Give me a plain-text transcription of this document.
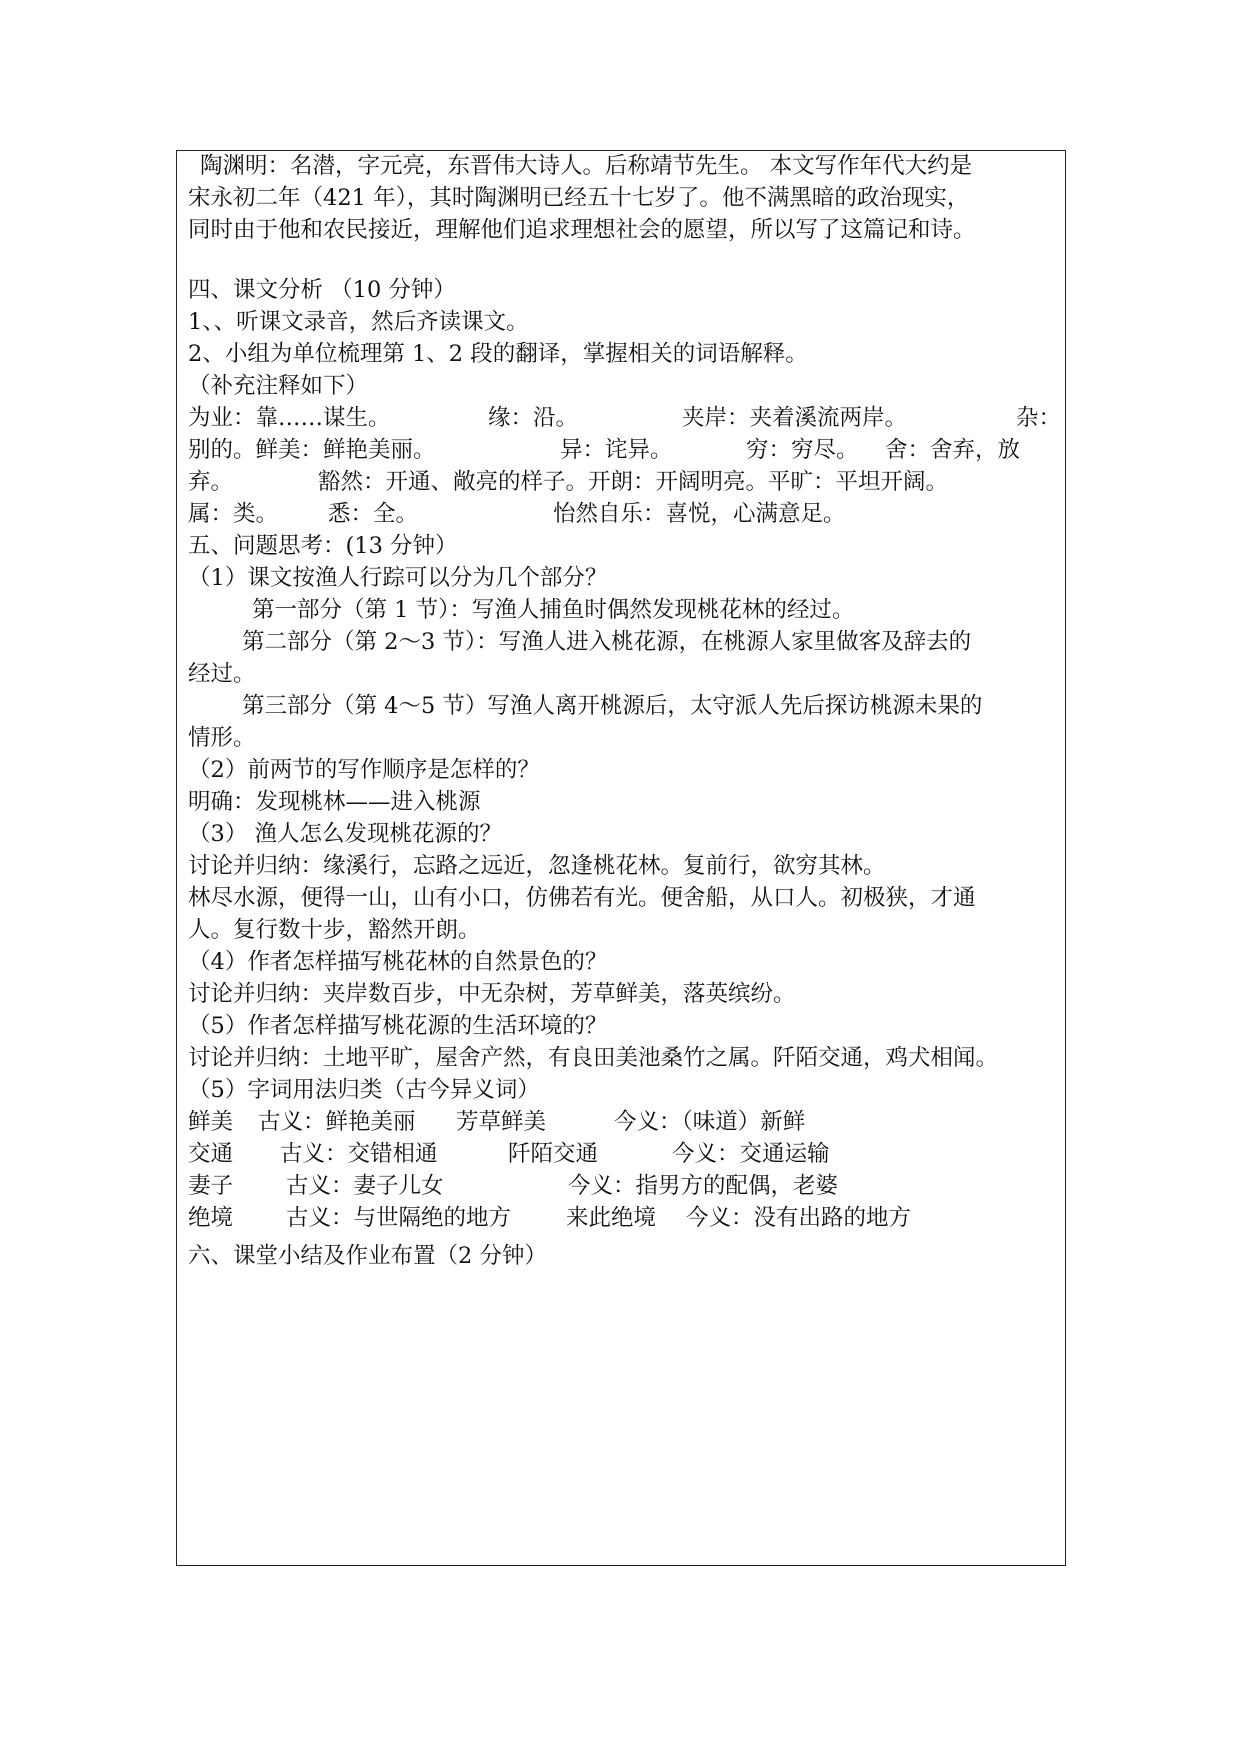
陶渊明：名潜，字元亮，东晋伟大诗人。后称靖节先生。 本文写作年代大约是
宋永初二年（421 年），其时陶渊明已经五十七岁了。他不满黑暗的政治现实，
同时由于他和农民接近，理解他们追求理想社会的愿望，所以写了这篇记和诗。
四、课文分析 （10 分钟）
1、、听课文录音，然后齐读课文。
2、小组为单位梳理第 1、2 段的翻译，掌握相关的词语解释。
（补充注释如下）
为业：靠……谋生。	缘：沿。	夹岸：夹着溪流两岸。	杂：
别的。鲜美：鲜艳美丽。	异：诧异。	穷：穷尽。 舍：舍弃，放
弃。	豁然：开通、敞亮的样子。开朗：开阔明亮。平旷：平坦开阔。
属：类。 悉：全。	怡然自乐：喜悦，心满意足。
五、问题思考：(13 分钟）
（1）课文按渔人行踪可以分为几个部分？
第一部分（第 1 节）：写渔人捕鱼时偶然发现桃花林的经过。
第二部分（第 2～3 节）：写渔人进入桃花源，在桃源人家里做客及辞去的
经过。
第三部分（第 4～5 节）写渔人离开桃源后，太守派人先后探访桃源未果的
情形。
（2）前两节的写作顺序是怎样的？
明确：发现桃林——进入桃源
（3） 渔人怎么发现桃花源的？
讨论并归纳：缘溪行，忘路之远近，忽逢桃花林。复前行，欲穷其林。
林尽水源，便得一山，山有小口，仿佛若有光。便舍船，从口人。初极狭，才通
人。复行数十步，豁然开朗。
（4）作者怎样描写桃花林的自然景色的？
讨论并归纳：夹岸数百步，中无杂树，芳草鲜美，落英缤纷。
（5）作者怎样描写桃花源的生活环境的？
讨论并归纳：土地平旷，屋舍产然，有良田美池桑竹之属。阡陌交通，鸡犬相闻。
（5）字词用法归类（古今异义词）
鲜美 古义：鲜艳美丽 芳草鲜美	今义：（味道）新鲜
交通 古义：交错相通	阡陌交通	今义：交通运输
妻子 古义：妻子儿女	今义：指男方的配偶，老婆
绝境 古义：与世隔绝的地方 来此绝境 今义：没有出路的地方
六、课堂小结及作业布置（2 分钟）
